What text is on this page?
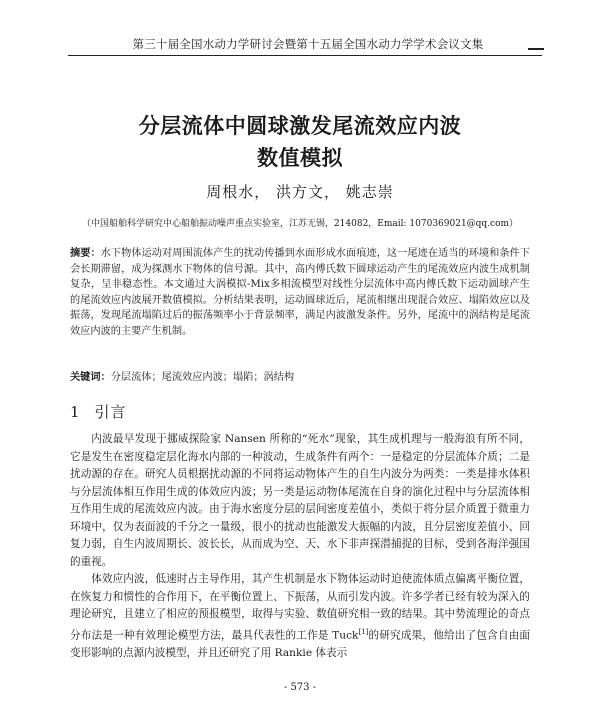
第三十届全国水动力学研讨会暨第十五届全国水动力学学术会议文集
分层流体中圆球激发尾流效应内波
数值模拟
周根水， 洪方文， 姚志崇
（中国船舶科学研究中心船舶振动噪声重点实验室，江苏无锡，214082，Email: 1070369021@qq.com）
摘要：水下物体运动对周围流体产生的扰动传播到水面形成水面痕迹，这一尾迹在适当的环境和条件下会长期滞留，成为探测水下物体的信号源。其中，高内傅氏数下圆球运动产生的尾流效应内波生成机制复杂，呈非稳态性。本文通过大涡模拟-Mix多相流模型对线性分层流体中高内傅氏数下运动圆球产生的尾流效应内波展开数值模拟。分析结果表明，运动圆球近后，尾流相继出现混合效应、塌陷效应以及振荡，发现尾流塌陷过后的振荡频率小于背景频率，满足内波激发条件。另外，尾流中的涡结构是尾流效应内波的主要产生机制。
关键词：分层流体；尾流效应内波；塌陷；涡结构
1 引言

内波最早发现于挪威探险家 Nansen 所称的“死水”现象，其生成机理与一般海浪有所不同，它是发生在密度稳定层化海水内部的一种波动，生成条件有两个：一是稳定的分层流体介质；二是扰动源的存在。研究人员根据扰动源的不同将运动物体产生的自生内波分为两类：一类是排水体积与分层流体相互作用生成的体效应内波；另一类是运动物体尾流在自身的演化过程中与分层流体相互作用生成的尾流效应内波。由于海水密度分层的层间密度差值小，类似于将分层介质置于微重力环境中，仅为表面波的千分之一量级，很小的扰动也能激发大振幅的内波，且分层密度差值小、回复力弱，自生内波周期长、波长长，从而成为空、天、水下非声探潜捕捉的目标，受到各海洋强国的重视。

体效应内波，低速时占主导作用，其产生机制是水下物体运动时迫使流体质点偏离平衡位置，在恢复力和惯性的合作用下，在平衡位置上、下振荡，从而引发内波。许多学者已经有较为深入的理论研究，且建立了相应的预报模型，取得与实验、数值研究相一致的结果。其中势流理论的奇点分布法是一种有效理论模型方法，最具代表性的工作是 Tuck[1]的研究成果，他给出了包含自由面变形影响的点源内波模型，并且还研究了用 Rankie 体表示

- 573 -
